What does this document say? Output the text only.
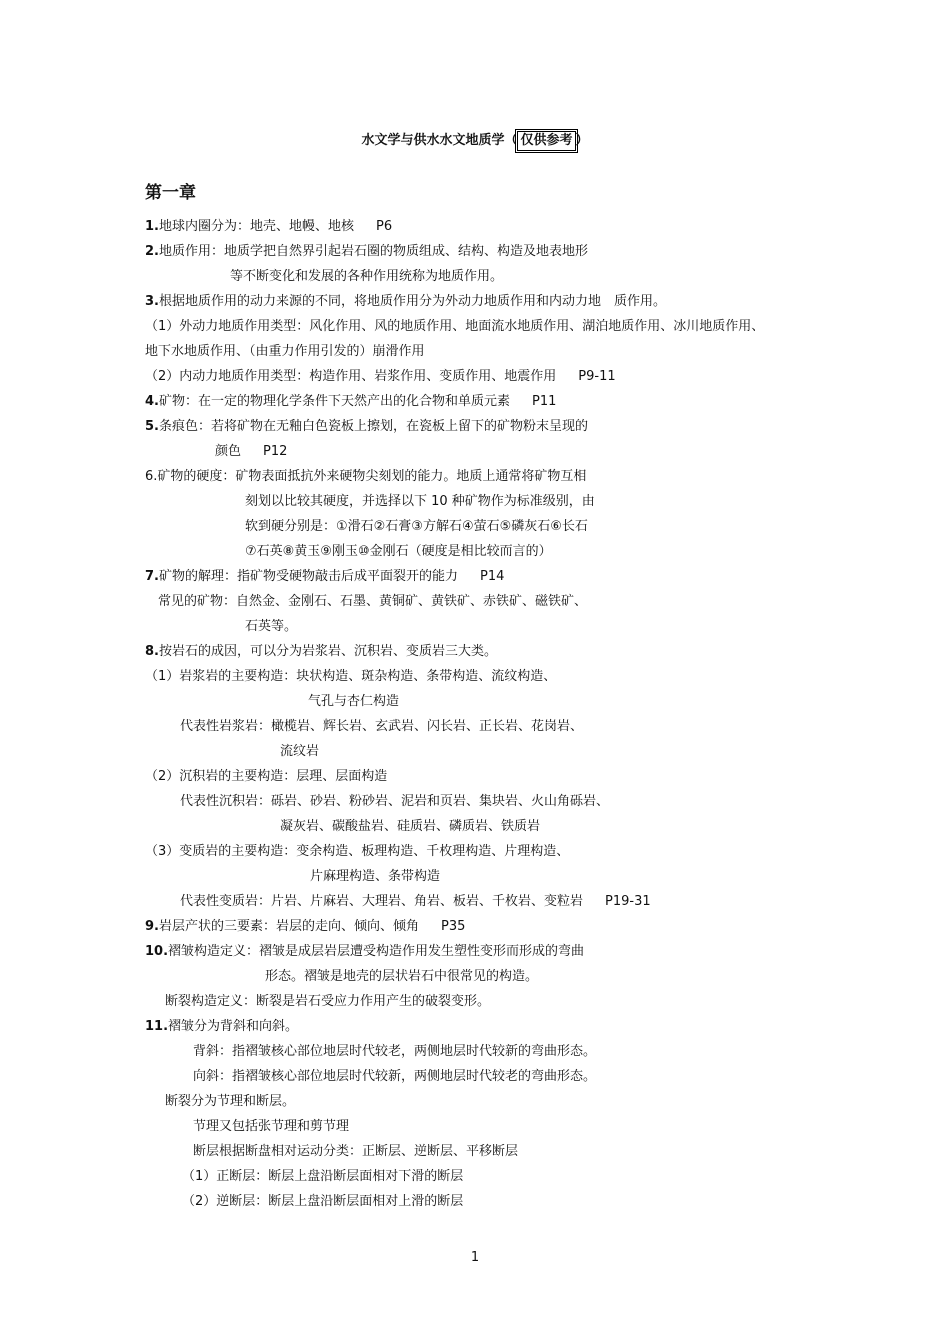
水文学与供水水文地质学（ 仅供参考 ）
第一章
1.地球内圈分为：地壳、地幔、地核 P6
2.地质作用：地质学把自然界引起岩石圈的物质组成、结构、构造及地表地形
等不断变化和发展的各种作用统称为地质作用。
3.根据地质作用的动力来源的不同，将地质作用分为外动力地质作用和内动力地　质作用。
（1）外动力地质作用类型：风化作用、风的地质作用、地面流水地质作用、湖泊地质作用、冰川地质作用、
地下水地质作用、（由重力作用引发的）崩滑作用
（2）内动力地质作用类型：构造作用、岩浆作用、变质作用、地震作用 P9-11
4.矿物：在一定的物理化学条件下天然产出的化合物和单质元素 P11
5.条痕色：若将矿物在无釉白色瓷板上擦划，在瓷板上留下的矿物粉末呈现的
颜色 P12
6.矿物的硬度：矿物表面抵抗外来硬物尖刻划的能力。地质上通常将矿物互相
刻划以比较其硬度，并选择以下 10 种矿物作为标准级别，由
软到硬分别是：①滑石②石膏③方解石④萤石⑤磷灰石⑥长石
⑦石英⑧黄玉⑨刚玉⑩金刚石（硬度是相比较而言的）
7.矿物的解理：指矿物受硬物敲击后成平面裂开的能力 P14
常见的矿物：自然金、金刚石、石墨、黄铜矿、黄铁矿、赤铁矿、磁铁矿、
石英等。
8.按岩石的成因，可以分为岩浆岩、沉积岩、变质岩三大类。
（1）岩浆岩的主要构造：块状构造、斑杂构造、条带构造、流纹构造、
气孔与杏仁构造
代表性岩浆岩：橄榄岩、辉长岩、玄武岩、闪长岩、正长岩、花岗岩、
流纹岩
（2）沉积岩的主要构造：层理、层面构造
代表性沉积岩：砾岩、砂岩、粉砂岩、泥岩和页岩、集块岩、火山角砾岩、
凝灰岩、碳酸盐岩、硅质岩、磷质岩、铁质岩
（3）变质岩的主要构造：变余构造、板理构造、千枚理构造、片理构造、
片麻理构造、条带构造
代表性变质岩：片岩、片麻岩、大理岩、角岩、板岩、千枚岩、变粒岩 P19-31
9.岩层产状的三要素：岩层的走向、倾向、倾角 P35
10.褶皱构造定义：褶皱是成层岩层遭受构造作用发生塑性变形而形成的弯曲
形态。褶皱是地壳的层状岩石中很常见的构造。
断裂构造定义：断裂是岩石受应力作用产生的破裂变形。
11.褶皱分为背斜和向斜。
背斜：指褶皱核心部位地层时代较老，两侧地层时代较新的弯曲形态。
向斜：指褶皱核心部位地层时代较新，两侧地层时代较老的弯曲形态。
断裂分为节理和断层。
节理又包括张节理和剪节理
断层根据断盘相对运动分类：正断层、逆断层、平移断层
（1）正断层：断层上盘沿断层面相对下滑的断层
（2）逆断层：断层上盘沿断层面相对上滑的断层
1
